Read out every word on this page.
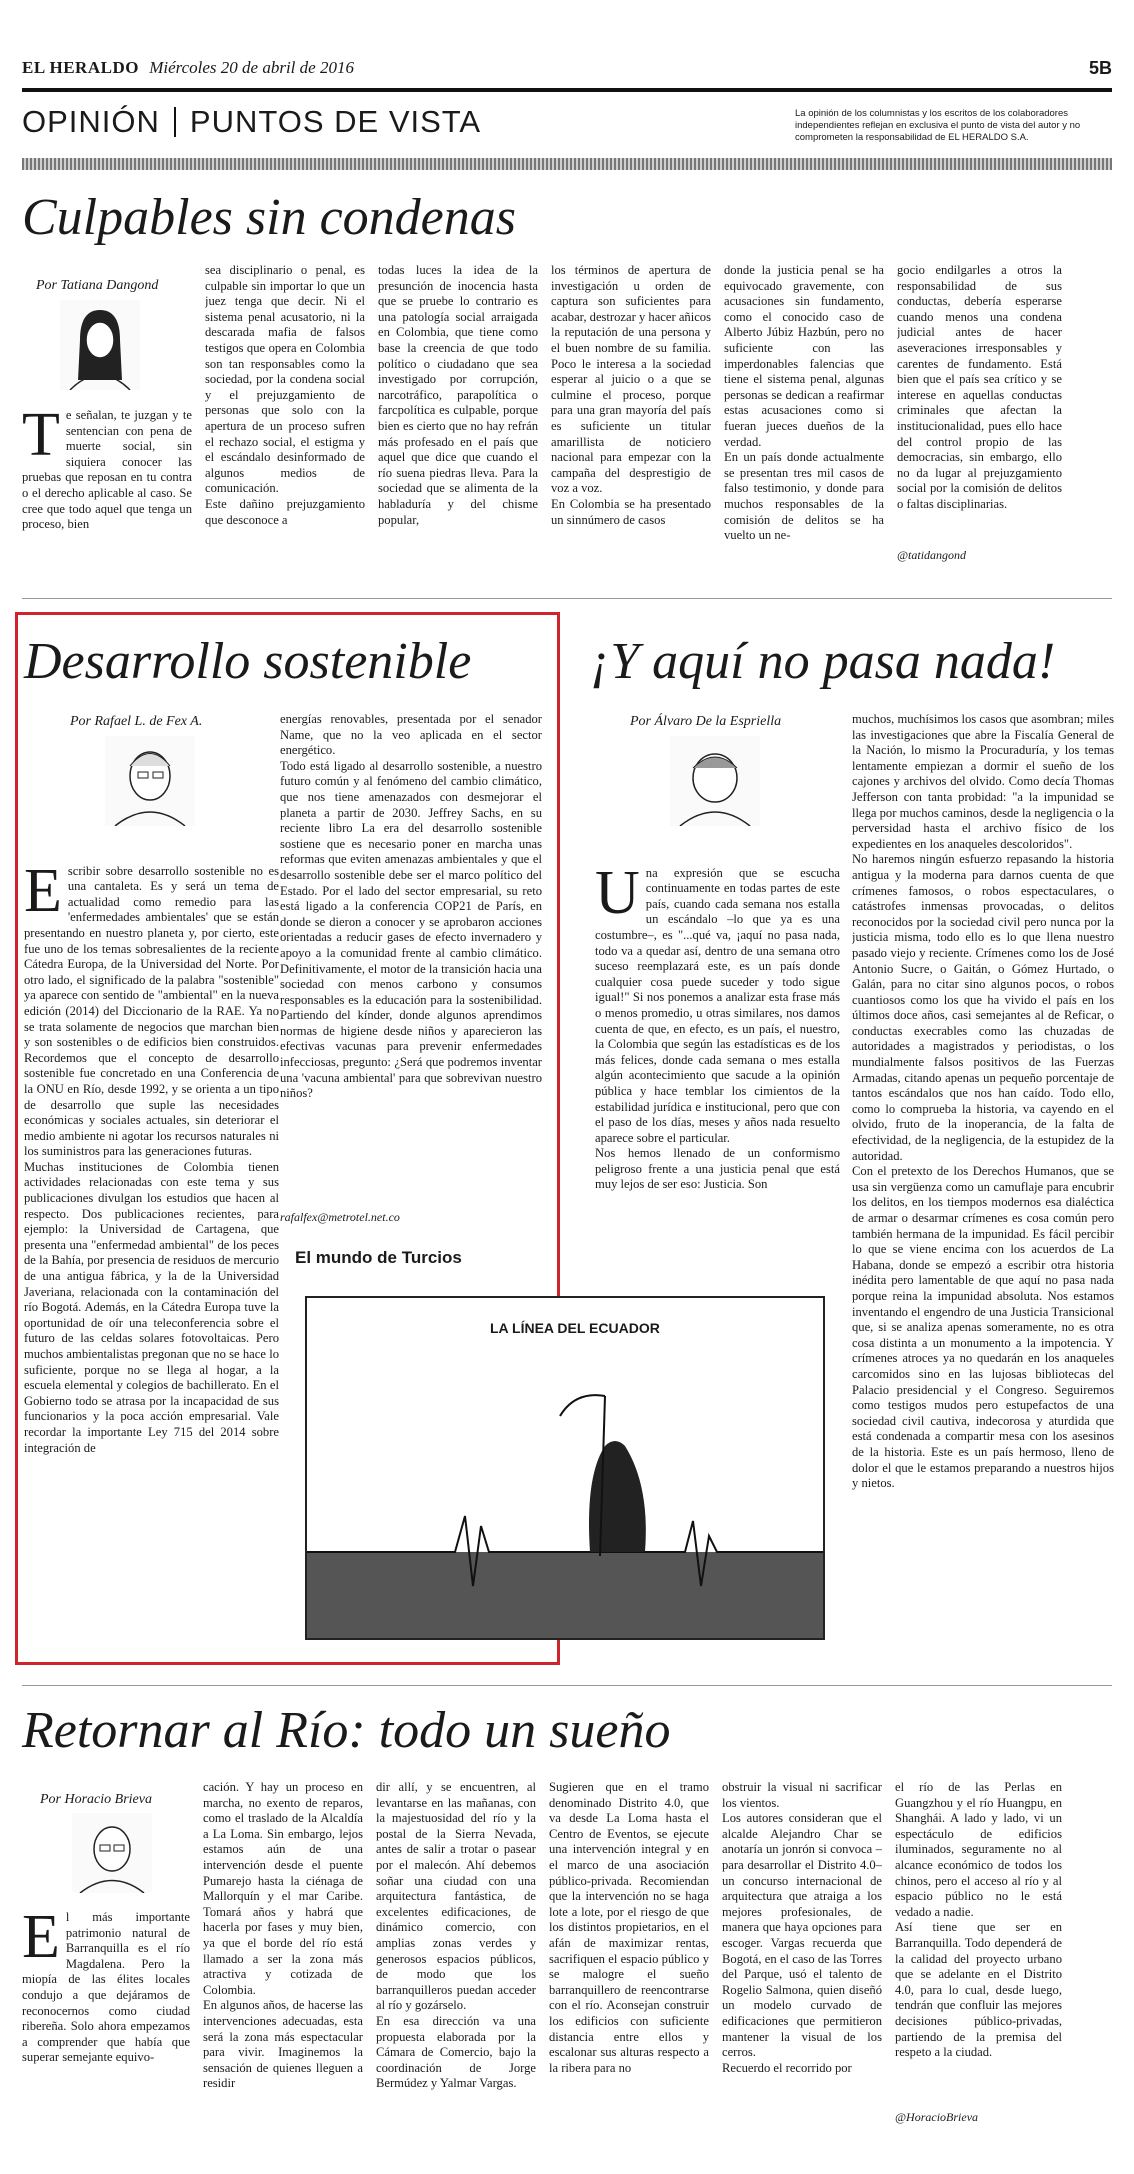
EL HERALDO Miércoles 20 de abril de 2016	5B
OPINIÓN PUNTOS DE VISTA	La opinión de los columnistas y los escritos de los colaboradores independientes reflejan en exclusiva el punto de vista del autor y no comprometen la responsabilidad de EL HERALDO S.A.
Culpables sin condenas
Por Tatiana Dangond
Te señalan, te juzgan y te sentencian con pena de muerte social, sin siquiera conocer las pruebas que reposan en tu contra o el derecho aplicable al caso. Se cree que todo aquel que tenga un proceso, bien
sea disciplinario o penal, es culpable sin importar lo que un juez tenga que decir. Ni el sistema penal acusatorio, ni la descarada mafia de falsos testigos que opera en Colombia son tan responsables como la sociedad, por la condena social y el prejuzgamiento de personas que solo con la apertura de un proceso sufren el rechazo social, el estigma y el escándalo desinformado de algunos medios de comunicación.
Este dañino prejuzgamiento que desconoce a
todas luces la idea de la presunción de inocencia hasta que se pruebe lo contrario es una patología social arraigada en Colombia, que tiene como base la creencia de que todo político o ciudadano que sea investigado por corrupción, narcotráfico, parapolítica o farcpolítica es culpable, porque bien es cierto que no hay refrán más profesado en el país que aquel que dice que cuando el río suena piedras lleva. Para la sociedad que se alimenta de la habladuría y del chisme popular,
los términos de apertura de investigación u orden de captura son suficientes para acabar, destrozar y hacer añicos la reputación de una persona y el buen nombre de su familia. Poco le interesa a la sociedad esperar al juicio o a que se culmine el proceso, porque para una gran mayoría del país es suficiente un titular amarillista de noticiero nacional para empezar con la campaña del desprestigio de voz a voz.
En Colombia se ha presentado un sinnúmero de casos
donde la justicia penal se ha equivocado gravemente, con acusaciones sin fundamento, como el conocido caso de Alberto Júbiz Hazbún, pero no suficiente con las imperdonables falencias que tiene el sistema penal, algunas personas se dedican a reafirmar estas acusaciones como si fueran jueces dueños de la verdad.
En un país donde actualmente se presentan tres mil casos de falso testimonio, y donde para muchos responsables de la comisión de delitos se ha vuelto un ne-
gocio endilgarles a otros la responsabilidad de sus conductas, debería esperarse cuando menos una condena judicial antes de hacer aseveraciones irresponsables y carentes de fundamento. Está bien que el país sea crítico y se interese en aquellas conductas criminales que afectan la institucionalidad, pues ello hace del control propio de las democracias, sin embargo, ello no da lugar al prejuzgamiento social por la comisión de delitos o faltas disciplinarias.
@tatidangond
Desarrollo sostenible
Por Rafael L. de Fex A.

Escribir sobre desarrollo sostenible no es una cantaleta. Es y será un tema de actualidad como remedio para las 'enfermedades ambientales' que se están presentando en nuestro planeta y, por cierto, este fue uno de los temas sobresalientes de la reciente Cátedra Europa, de la Universidad del Norte. Por otro lado, el significado de la palabra "sostenible" ya aparece con sentido de "ambiental" en la nueva edición (2014) del Diccionario de la RAE. Ya no se trata solamente de negocios que marchan bien y son sostenibles o de edificios bien construidos. Recordemos que el concepto de desarrollo sostenible fue concretado en una Conferencia de la ONU en Río, desde 1992, y se orienta a un tipo de desarrollo que suple las necesidades económicas y sociales actuales, sin deteriorar el medio ambiente ni agotar los recursos naturales ni los suministros para las generaciones futuras.
Muchas instituciones de Colombia tienen actividades relacionadas con este tema y sus publicaciones divulgan los estudios que hacen al respecto. Dos publicaciones recientes, para ejemplo: la Universidad de Cartagena, que presenta una "enfermedad ambiental" de los peces de la Bahía, por presencia de residuos de mercurio de una antigua fábrica, y la de la Universidad Javeriana, relacionada con la contaminación del río Bogotá. Además, en la Cátedra Europa tuve la oportunidad de oír una teleconferencia sobre el futuro de las celdas solares fotovoltaicas. Pero muchos ambientalistas pregonan que no se hace lo suficiente, porque no se llega al hogar, a la escuela elemental y colegios de bachillerato. En el Gobierno todo se atrasa por la incapacidad de sus funcionarios y la poca acción empresarial. Vale recordar la importante Ley 715 del 2014 sobre integración de

energías renovables, presentada por el senador Name, que no la veo aplicada en el sector energético.
Todo está ligado al desarrollo sostenible, a nuestro futuro común y al fenómeno del cambio climático, que nos tiene amenazados con desmejorar el planeta a partir de 2030. Jeffrey Sachs, en su reciente libro La era del desarrollo sostenible sostiene que es necesario poner en marcha unas reformas que eviten amenazas ambientales y que el desarrollo sostenible debe ser el marco político del Estado. Por el lado del sector empresarial, su reto está ligado a la conferencia COP21 de París, en donde se dieron a conocer y se aprobaron acciones orientadas a reducir gases de efecto invernadero y apoyo a la comunidad frente al cambio climático. Definitivamente, el motor de la transición hacia una sociedad con menos carbono y consumos responsables es la educación para la sostenibilidad. Partiendo del kínder, donde algunos aprendimos normas de higiene desde niños y aparecieron las efectivas vacunas para prevenir enfermedades infecciosas, pregunto: ¿Será que podremos inventar una 'vacuna ambiental' para que sobrevivan nuestro niños?
rafalfex@metrotel.net.co
El mundo de Turcios
LA LÍNEA DEL ECUADOR
¡Y aquí no pasa nada!
Por Álvaro De la Espriella

Una expresión que se escucha continuamente en todas partes de este país, cuando cada semana nos estalla un escándalo –lo que ya es una costumbre–, es "...qué va, ¡aquí no pasa nada, todo va a quedar así, dentro de una semana otro suceso reemplazará este, es un país donde cualquier cosa puede suceder y todo sigue igual!" Si nos ponemos a analizar esta frase más o menos promedio, u otras similares, nos damos cuenta de que, en efecto, es un país, el nuestro, la Colombia que según las estadísticas es de los más felices, donde cada semana o mes estalla algún acontecimiento que sacude a la opinión pública y hace temblar los cimientos de la estabilidad jurídica e institucional, pero que con el paso de los días, meses y años nada resuelto aparece sobre el particular.
Nos hemos llenado de un conformismo peligroso frente a una justicia penal que está muy lejos de ser eso: Justicia. Son

muchos, muchísimos los casos que asombran; miles las investigaciones que abre la Fiscalía General de la Nación, lo mismo la Procuraduría, y los temas lentamente empiezan a dormir el sueño de los cajones y archivos del olvido. Como decía Thomas Jefferson con tanta probidad: "a la impunidad se llega por muchos caminos, desde la negligencia o la perversidad hasta el archivo físico de los expedientes en los anaqueles descoloridos".
No haremos ningún esfuerzo repasando la historia antigua y la moderna para darnos cuenta de que crímenes famosos, o robos espectaculares, o catástrofes inmensas provocadas, o delitos reconocidos por la sociedad civil pero nunca por la justicia misma, todo ello es lo que llena nuestro pasado viejo y reciente. Crímenes como los de José Antonio Sucre, o Gaitán, o Gómez Hurtado, o Galán, para no citar sino algunos pocos, o robos cuantiosos como los que ha vivido el país en los últimos doce años, casi semejantes al de Reficar, o conductas execrables como las chuzadas de autoridades a magistrados y periodistas, o los mundialmente falsos positivos de las Fuerzas Armadas, citando apenas un pequeño porcentaje de tantos escándalos que nos han caído. Todo ello, como lo comprueba la historia, va cayendo en el olvido, fruto de la inoperancia, de la falta de efectividad, de la negligencia, de la estupidez de la autoridad.
Con el pretexto de los Derechos Humanos, que se usa sin vergüenza como un camuflaje para encubrir los delitos, en los tiempos modernos esa dialéctica de armar o desarmar crímenes es cosa común pero también hermana de la impunidad. Es fácil percibir lo que se viene encima con los acuerdos de La Habana, donde se empezó a escribir otra historia inédita pero lamentable de que aquí no pasa nada porque reina la impunidad absoluta. Nos estamos inventando el engendro de una Justicia Transicional que, si se analiza apenas someramente, no es otra cosa distinta a un monumento a la impotencia. Y crímenes atroces ya no quedarán en los anaqueles carcomidos sino en las lujosas bibliotecas del Palacio presidencial y el Congreso. Seguiremos como testigos mudos pero estupefactos de una sociedad civil cautiva, indecorosa y aturdida que está condenada a compartir mesa con los asesinos de la historia. Este es un país hermoso, lleno de dolor el que le estamos preparando a nuestros hijos y nietos.
Retornar al Río: todo un sueño
Por Horacio Brieva
El más importante patrimonio natural de Barranquilla es el río Magdalena. Pero la miopía de las élites locales condujo a que dejáramos de reconocernos como ciudad ribereña. Solo ahora empezamos a comprender que había que superar semejante equivo-
cación. Y hay un proceso en marcha, no exento de reparos, como el traslado de la Alcaldía a La Loma. Sin embargo, lejos estamos aún de una intervención desde el puente Pumarejo hasta la ciénaga de Mallorquín y el mar Caribe. Tomará años y habrá que hacerla por fases y muy bien, ya que el borde del río está llamado a ser la zona más atractiva y cotizada de Colombia.
En algunos años, de hacerse las intervenciones adecuadas, esta será la zona más espectacular para vivir. Imaginemos la sensación de quienes lleguen a residir
dir allí, y se encuentren, al levantarse en las mañanas, con la majestuosidad del río y la postal de la Sierra Nevada, antes de salir a trotar o pasear por el malecón. Ahí debemos soñar una ciudad con una arquitectura fantástica, de excelentes edificaciones, de dinámico comercio, con amplias zonas verdes y generosos espacios públicos, de modo que los barranquilleros puedan acceder al río y gozárselo.
En esa dirección va una propuesta elaborada por la Cámara de Comercio, bajo la coordinación de Jorge Bermúdez y Yalmar Vargas.
Sugieren que en el tramo denominado Distrito 4.0, que va desde La Loma hasta el Centro de Eventos, se ejecute una intervención integral y en el marco de una asociación público-privada. Recomiendan que la intervención no se haga lote a lote, por el riesgo de que los distintos propietarios, en el afán de maximizar rentas, sacrifiquen el espacio público y se malogre el sueño barranquillero de reencontrarse con el río. Aconsejan construir los edificios con suficiente distancia entre ellos y escalonar sus alturas respecto a la ribera para no
obstruir la visual ni sacrificar los vientos.
Los autores consideran que el alcalde Alejandro Char se anotaría un jonrón si convoca –para desarrollar el Distrito 4.0– un concurso internacional de arquitectura que atraiga a los mejores profesionales, de manera que haya opciones para escoger. Vargas recuerda que Bogotá, en el caso de las Torres del Parque, usó el talento de Rogelio Salmona, quien diseñó un modelo curvado de edificaciones que permitieron mantener la visual de los cerros.
Recuerdo el recorrido por
el río de las Perlas en Guangzhou y el río Huangpu, en Shanghái. A lado y lado, vi un espectáculo de edificios iluminados, seguramente no al alcance económico de todos los chinos, pero el acceso al río y al espacio público no le está vedado a nadie.
Así tiene que ser en Barranquilla. Todo dependerá de la calidad del proyecto urbano que se adelante en el Distrito 4.0, para lo cual, desde luego, tendrán que confluir las mejores decisiones público-privadas, partiendo de la premisa del respeto a la ciudad.
@HoracioBrieva
